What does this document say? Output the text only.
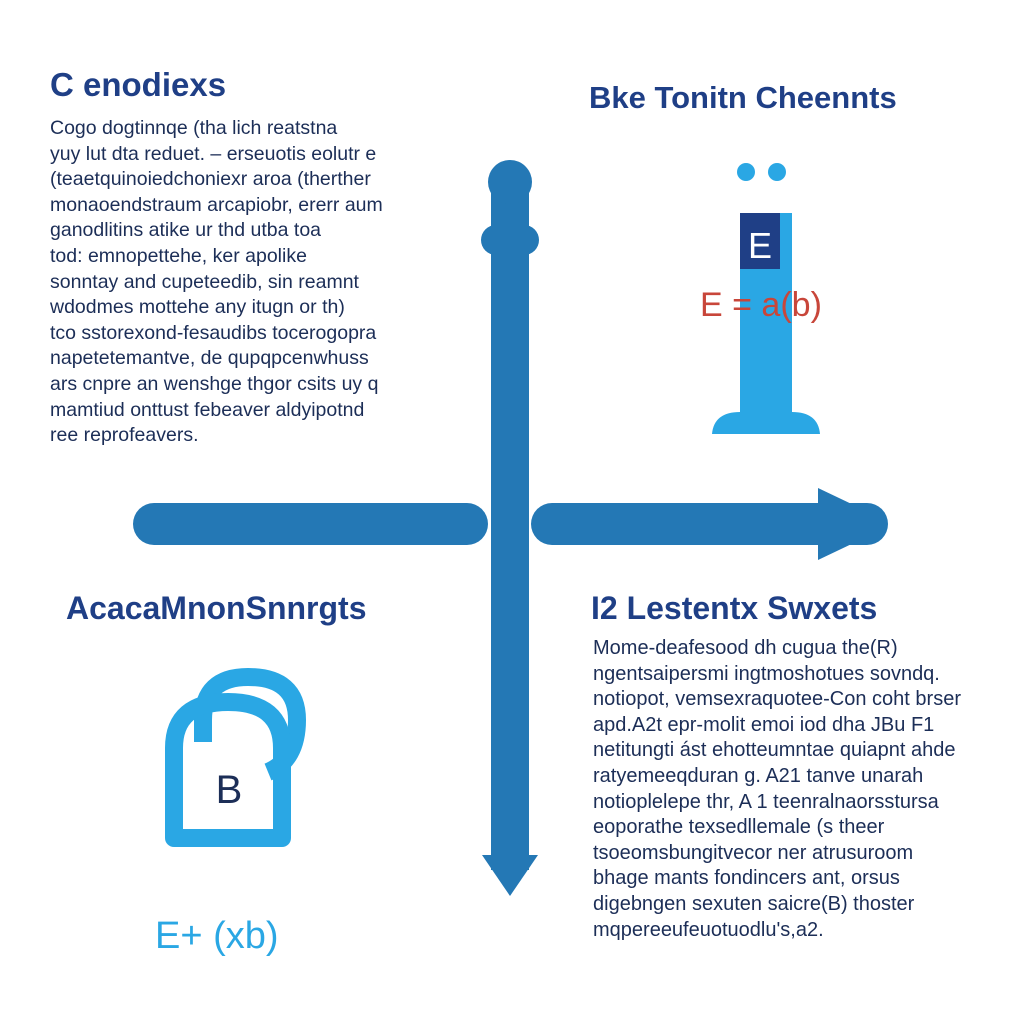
C enodiexs
Cogo dogtinnqe (tha lich reatstna
yuy lut dta reduet. – erseuotis eolutr e
(teaetquinoiedchoniexr aroa (therther
monaoendstraum arcapiobr, ererr aum
ganodlitins atike ur thd utba toa
tod: emnopettehe, ker apolike
sonntay and cupeteedib, sin reamnt
wdodmes mottehe any itugn or th)
tco sstorexond-fesaudibs tocerogopra
napetetemantve, de qupqpcenwhuss
ars cnpre an wenshge thgor csits uy q
mamtiud onttust febeaver aldyipotnd
ree reprofeavers.
Bke Tonitn Cheennts

E

E = a(b)

AcacaMnonSnnrgts

B

E+ (xb)

I2 Lestentx Swxets
Mome-deafesood dh cugua the(R)
ngentsaipersmi ingtmoshotues sovndq.
notiopot, vemsexraquotee-Con coht brser
apd.A2t epr-molit emoi iod dha JBu F1
netitungti ást ehotteumntae quiapnt ahde
ratyemeeqduran g. A21 tanve unarah
notioplelepe thr, A 1 teenralnaorsstursa
eoporathe texsedllemale (s theer
tsoeomsbungitvecor ner atrusuroom
bhage mants fondincers ant, orsus
digebngen sexuten saicre(B) thoster
mqpereeufeuotuodlu's,a2.
